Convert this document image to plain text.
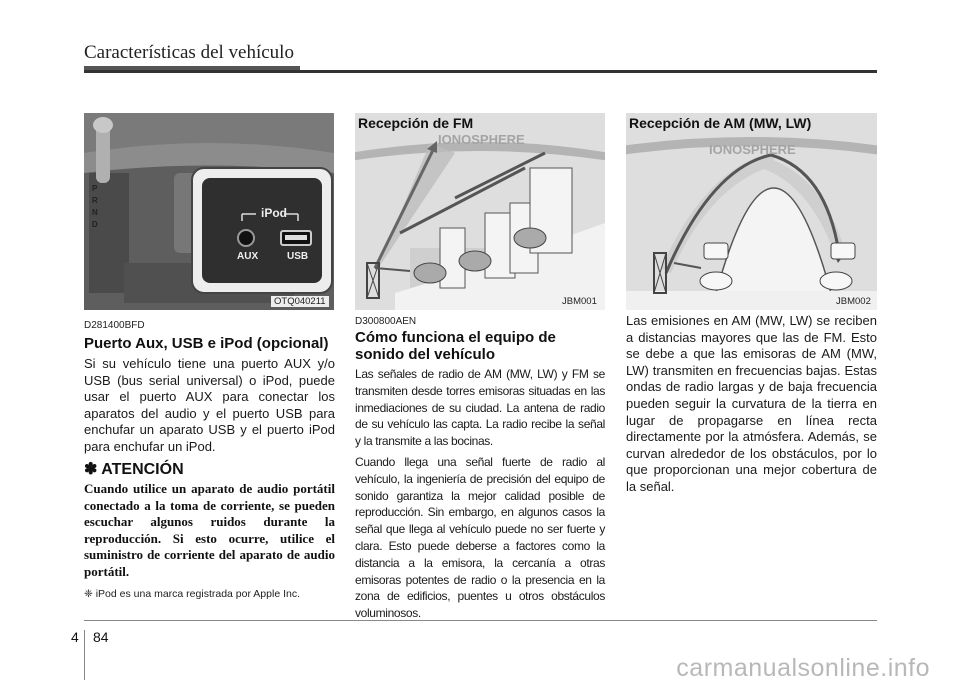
Características del vehículo
P R N D
iPod
AUX	USB
OTQ040211
D281400BFD
Puerto Aux, USB e iPod (opcional)
Si su vehículo tiene una puerto AUX y/o USB (bus serial universal) o iPod, puede usar el puerto AUX para conectar los aparatos del audio y el puerto USB para enchufar un aparato USB y el puerto iPod para enchufar un iPod.
✽ ATENCIÓN
Cuando utilice un aparato de audio portátil conectado a la toma de corriente, se pueden escuchar algunos ruidos durante la reproducción. Si esto ocurre, utilice el suministro de corriente del aparato de audio portátil.
❈ iPod es una marca registrada por Apple Inc.
Recepción de FM
IONOSPHERE
JBM001
D300800AEN
Cómo funciona el equipo de sonido del vehículo
Las señales de radio de AM (MW, LW) y FM se transmiten desde torres emisoras situadas en las inmediaciones de su ciudad. La antena de radio de su vehículo las capta. La radio recibe la señal y la transmite a las bocinas.
Cuando llega una señal fuerte de radio al vehículo, la ingeniería de precisión del equipo de sonido garantiza la mejor calidad posible de reproducción. Sin embargo, en algunos casos la señal que llega al vehículo puede no ser fuerte y clara. Esto puede deberse a factores como la distancia a la emisora, la cercanía a otras emisoras potentes de radio o la presencia en la zona de edificios, puentes u otros obstáculos voluminosos.
Recepción de AM (MW, LW)
IONOSPHERE
JBM002
Las emisiones en AM (MW, LW) se reciben a distancias mayores que las de FM. Esto se debe a que las emisoras de AM (MW, LW) transmiten en frecuencias bajas. Estas ondas de radio largas y de baja frecuencia pueden seguir la curvatura de la tierra en lugar de propagarse en línea recta directamente por la atmósfera. Además, se curvan alrededor de los obstáculos, por lo que proporcionan una mejor cobertura de la señal.
4 84
carmanualsonline.info
